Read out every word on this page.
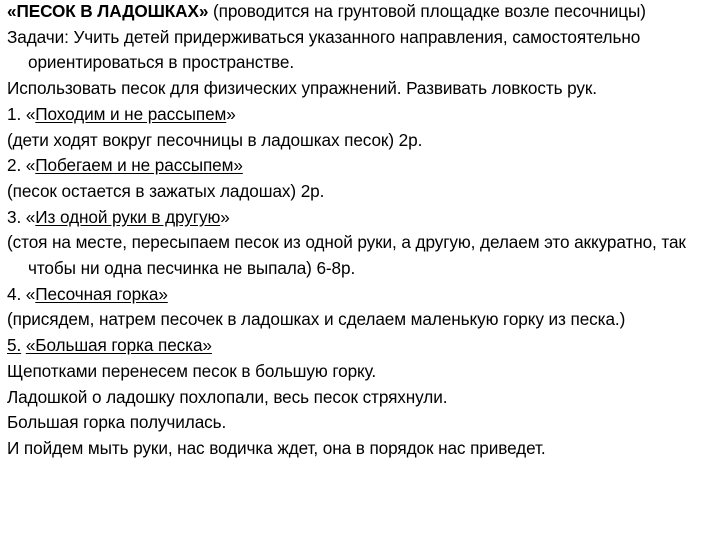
«ПЕСОК В ЛАДОШКАХ» (проводится на грунтовой площадке возле песочницы)

Задачи: Учить детей придерживаться указанного направления, самостоятельно ориентироваться в пространстве.

Использовать песок для физических упражнений. Развивать ловкость рук.

1. «Походим и не рассыпем»

(дети ходят вокруг песочницы в ладошках песок) 2р.

2. «Побегаем и не рассыпем»

(песок остается в зажатых ладошах) 2р.

3. «Из одной руки в другую»

(стоя на месте, пересыпаем песок из одной руки, а другую, делаем это аккуратно, так чтобы ни одна песчинка не выпала) 6-8р.

4. «Песочная горка»

(присядем, натрем песочек в ладошках и сделаем маленькую горку из песка.)

5. «Большая горка песка»

Щепотками перенесем песок в большую горку.

Ладошкой о ладошку похлопали, весь песок стряхнули.

Большая горка получилась.

И пойдем мыть руки, нас водичка ждет, она в порядок нас приведет.
